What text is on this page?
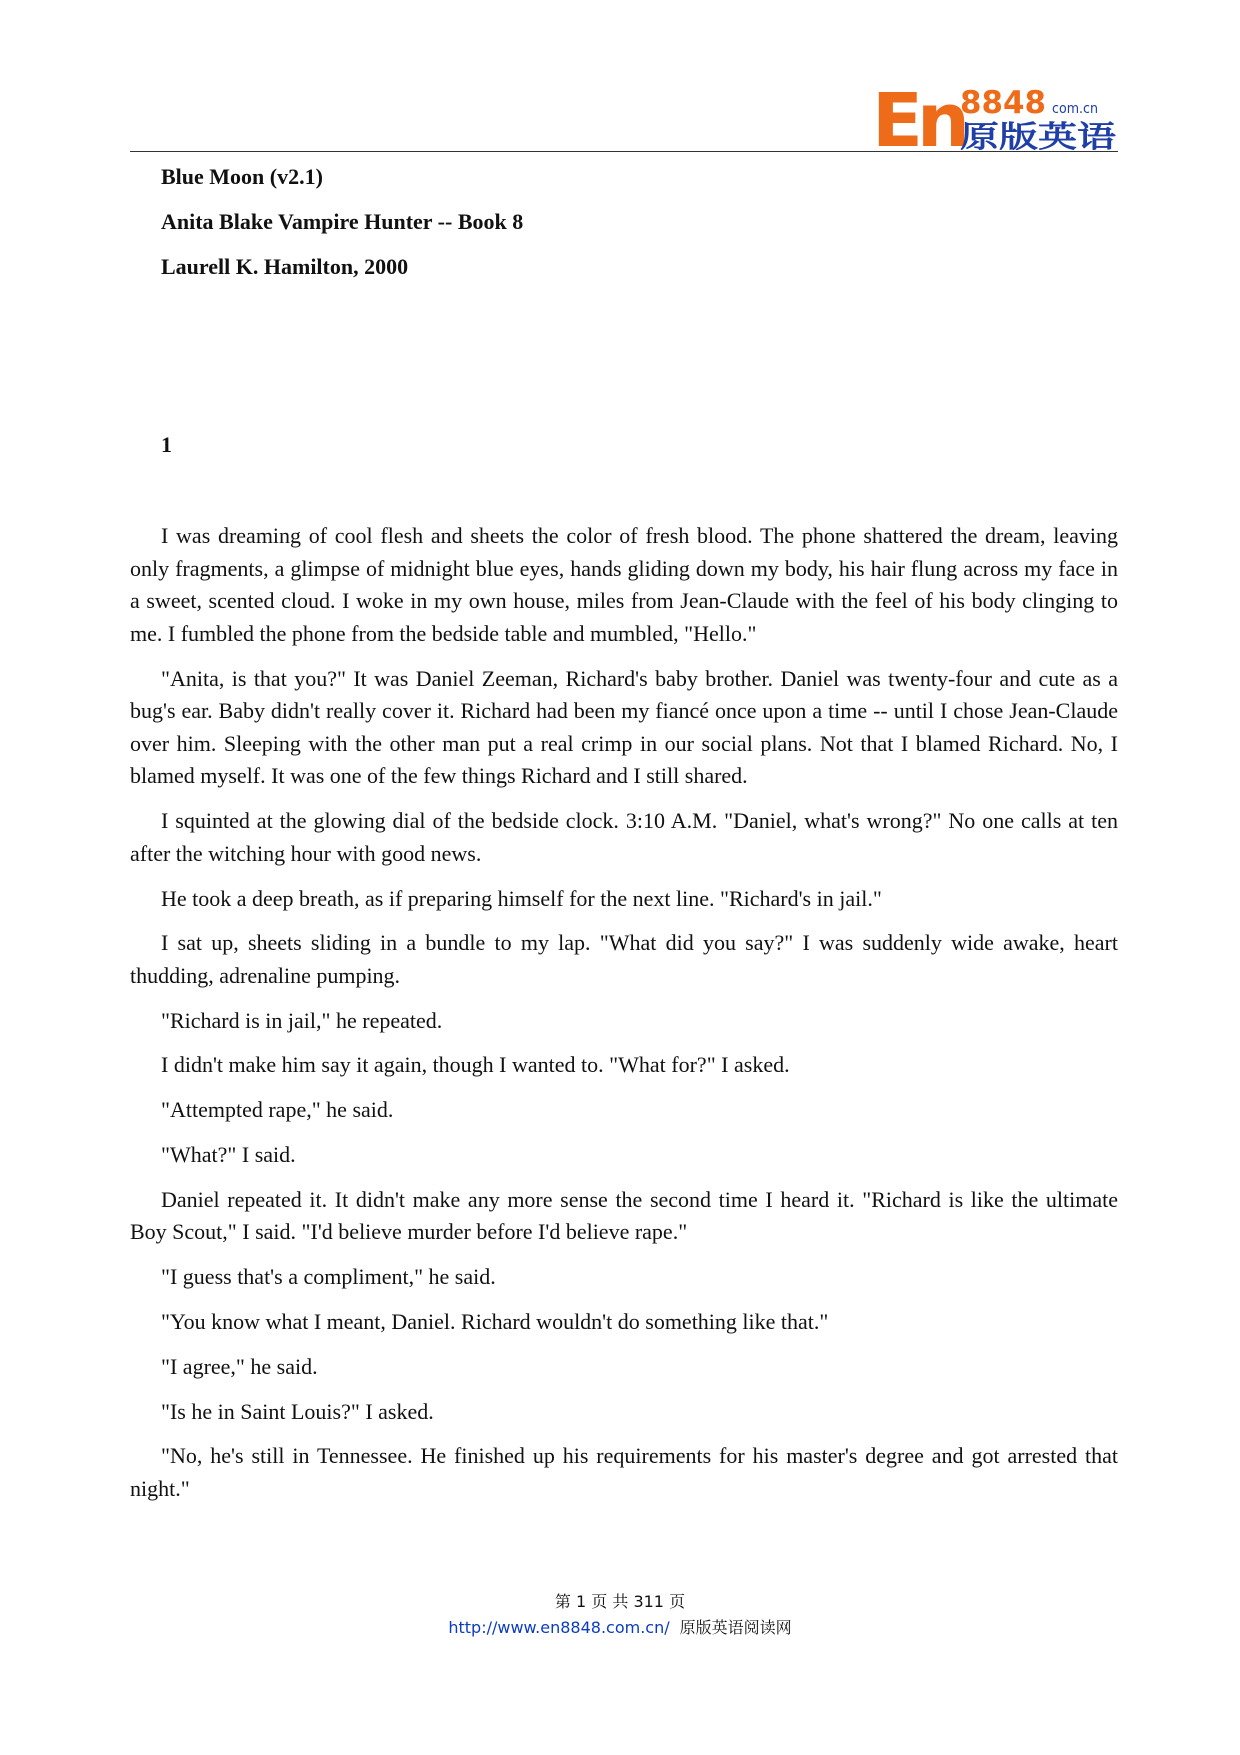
En
8848 com.cn
原版英语
Blue Moon (v2.1)
Anita Blake Vampire Hunter -- Book 8
Laurell K. Hamilton, 2000
1

I was dreaming of cool flesh and sheets the color of fresh blood. The phone shattered the dream, leaving only fragments, a glimpse of midnight blue eyes, hands gliding down my body, his hair flung across my face in a sweet, scented cloud. I woke in my own house, miles from Jean-Claude with the feel of his body clinging to me. I fumbled the phone from the bedside table and mumbled, "Hello."

"Anita, is that you?" It was Daniel Zeeman, Richard's baby brother. Daniel was twenty-four and cute as a bug's ear. Baby didn't really cover it. Richard had been my fiancé once upon a time -- until I chose Jean-Claude over him. Sleeping with the other man put a real crimp in our social plans. Not that I blamed Richard. No, I blamed myself. It was one of the few things Richard and I still shared.

I squinted at the glowing dial of the bedside clock. 3:10 A.M. "Daniel, what's wrong?" No one calls at ten after the witching hour with good news.

He took a deep breath, as if preparing himself for the next line. "Richard's in jail."

I sat up, sheets sliding in a bundle to my lap. "What did you say?" I was suddenly wide awake, heart thudding, adrenaline pumping.

"Richard is in jail," he repeated.

I didn't make him say it again, though I wanted to. "What for?" I asked.

"Attempted rape," he said.

"What?" I said.

Daniel repeated it. It didn't make any more sense the second time I heard it. "Richard is like the ultimate Boy Scout," I said. "I'd believe murder before I'd believe rape."

"I guess that's a compliment," he said.

"You know what I meant, Daniel. Richard wouldn't do something like that."

"I agree," he said.

"Is he in Saint Louis?" I asked.

"No, he's still in Tennessee. He finished up his requirements for his master's degree and got arrested that night."

第 1 页 共 311 页
http://www.en8848.com.cn/ 原版英语阅读网
